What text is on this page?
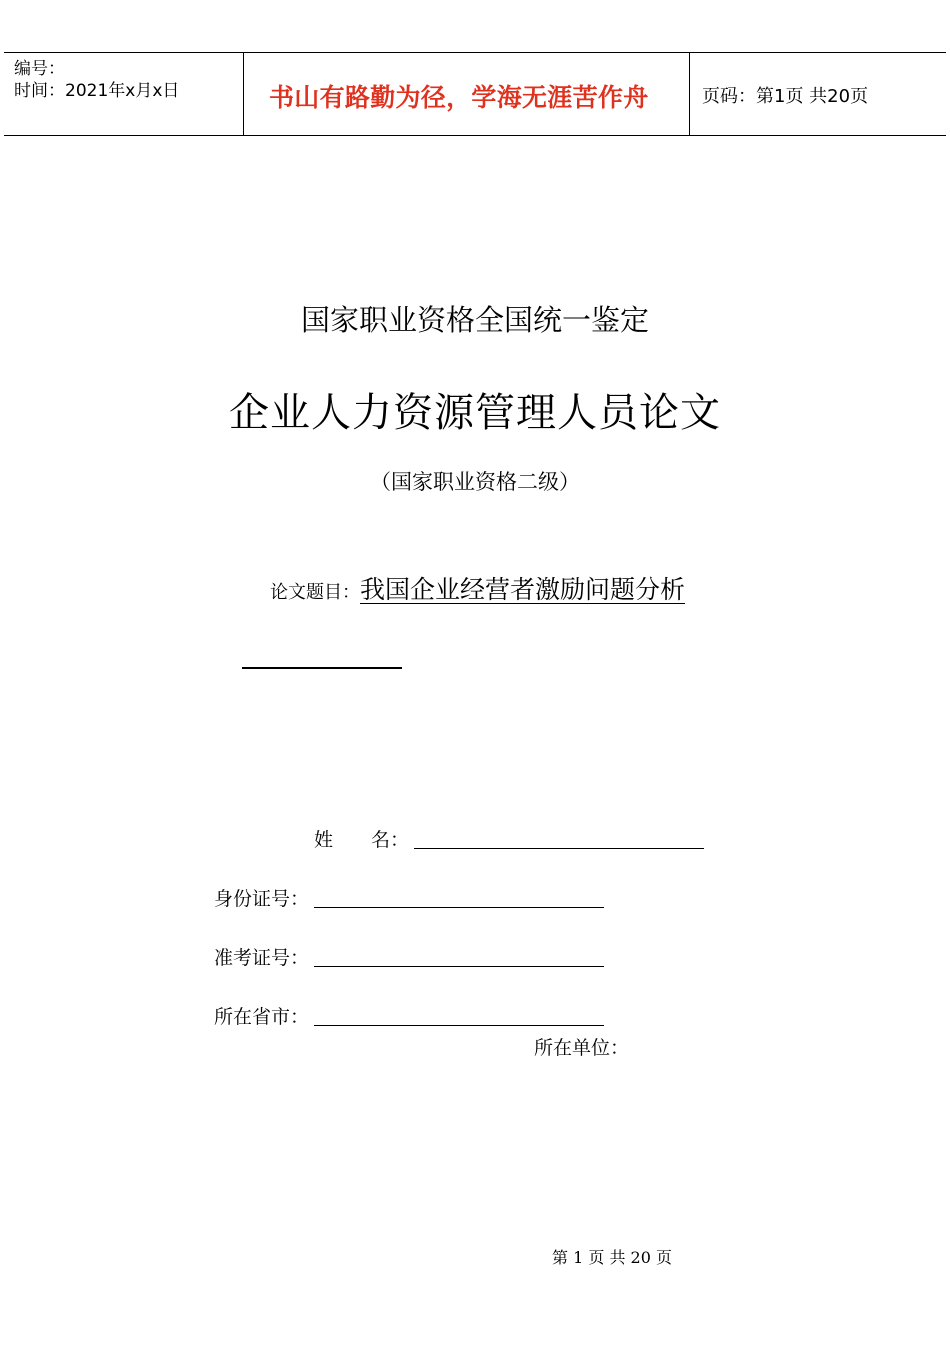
编号：
时间：2021年x月x日	书山有路勤为径，学海无涯苦作舟	页码：第1页 共20页
国家职业资格全国统一鉴定
企业人力资源管理人员论文
（国家职业资格二级）
论文题目：我国企业经营者激励问题分析
姓　　名：
身份证号：
准考证号：
所在省市：
所在单位：
第 1 页 共 20 页
